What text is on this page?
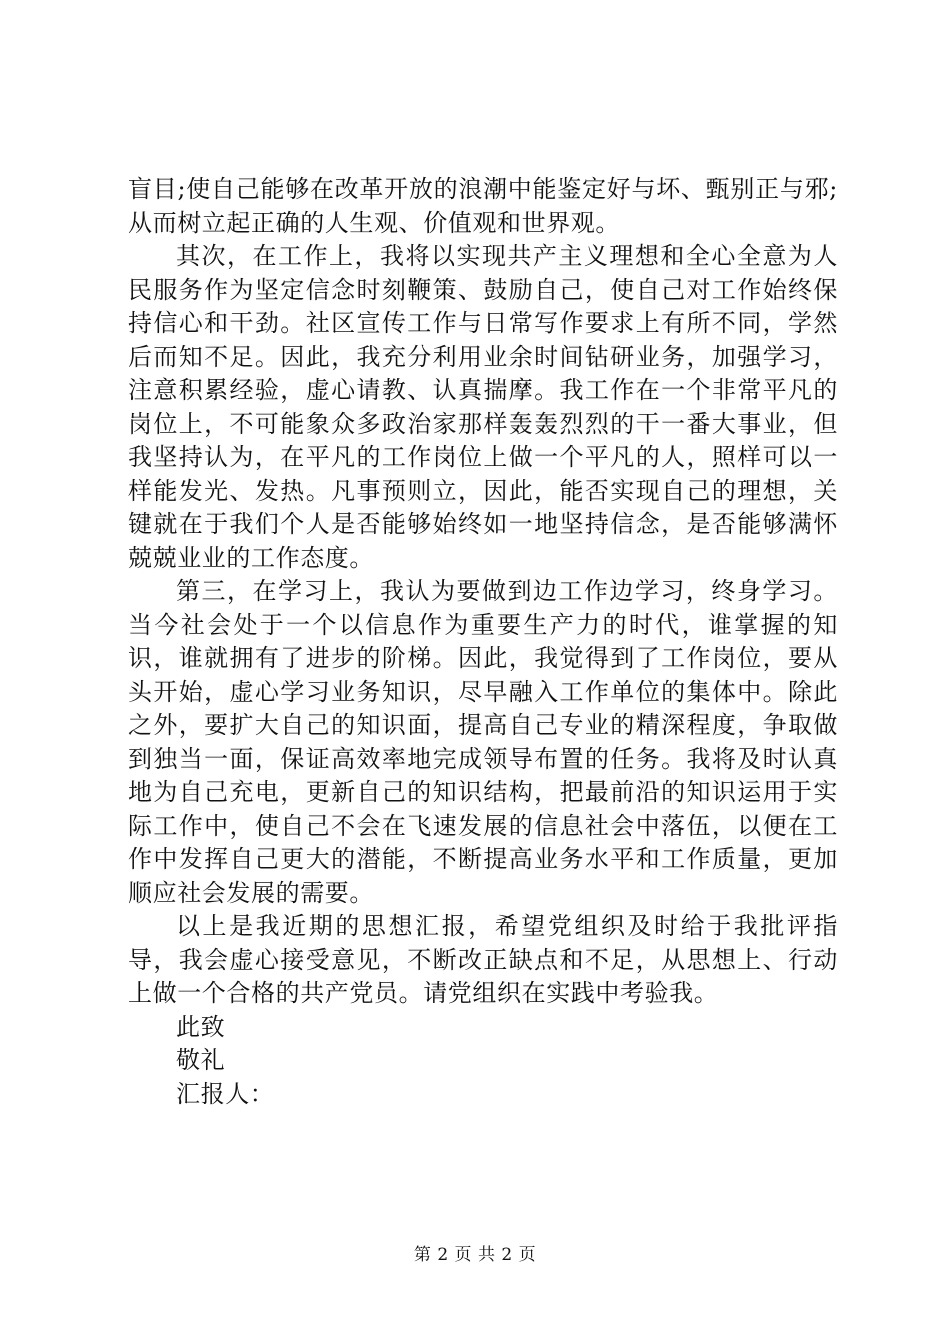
盲目;使自己能够在改革开放的浪潮中能鉴定好与坏、甄别正与邪;从而树立起正确的人生观、价值观和世界观。

其次，在工作上，我将以实现共产主义理想和全心全意为人民服务作为坚定信念时刻鞭策、鼓励自己，使自己对工作始终保持信心和干劲。社区宣传工作与日常写作要求上有所不同，学然后而知不足。因此，我充分利用业余时间钻研业务，加强学习，注意积累经验，虚心请教、认真揣摩。我工作在一个非常平凡的岗位上，不可能象众多政治家那样轰轰烈烈的干一番大事业，但我坚持认为，在平凡的工作岗位上做一个平凡的人，照样可以一样能发光、发热。凡事预则立，因此，能否实现自己的理想，关键就在于我们个人是否能够始终如一地坚持信念，是否能够满怀兢兢业业的工作态度。

第三，在学习上，我认为要做到边工作边学习，终身学习。当今社会处于一个以信息作为重要生产力的时代，谁掌握的知识，谁就拥有了进步的阶梯。因此，我觉得到了工作岗位，要从头开始，虚心学习业务知识，尽早融入工作单位的集体中。除此之外，要扩大自己的知识面，提高自己专业的精深程度，争取做到独当一面，保证高效率地完成领导布置的任务。我将及时认真地为自己充电，更新自己的知识结构，把最前沿的知识运用于实际工作中，使自己不会在飞速发展的信息社会中落伍，以便在工作中发挥自己更大的潜能，不断提高业务水平和工作质量，更加顺应社会发展的需要。

以上是我近期的思想汇报，希望党组织及时给于我批评指导，我会虚心接受意见，不断改正缺点和不足，从思想上、行动上做一个合格的共产党员。请党组织在实践中考验我。

此致

敬礼

汇报人：

第 2 页 共 2 页
